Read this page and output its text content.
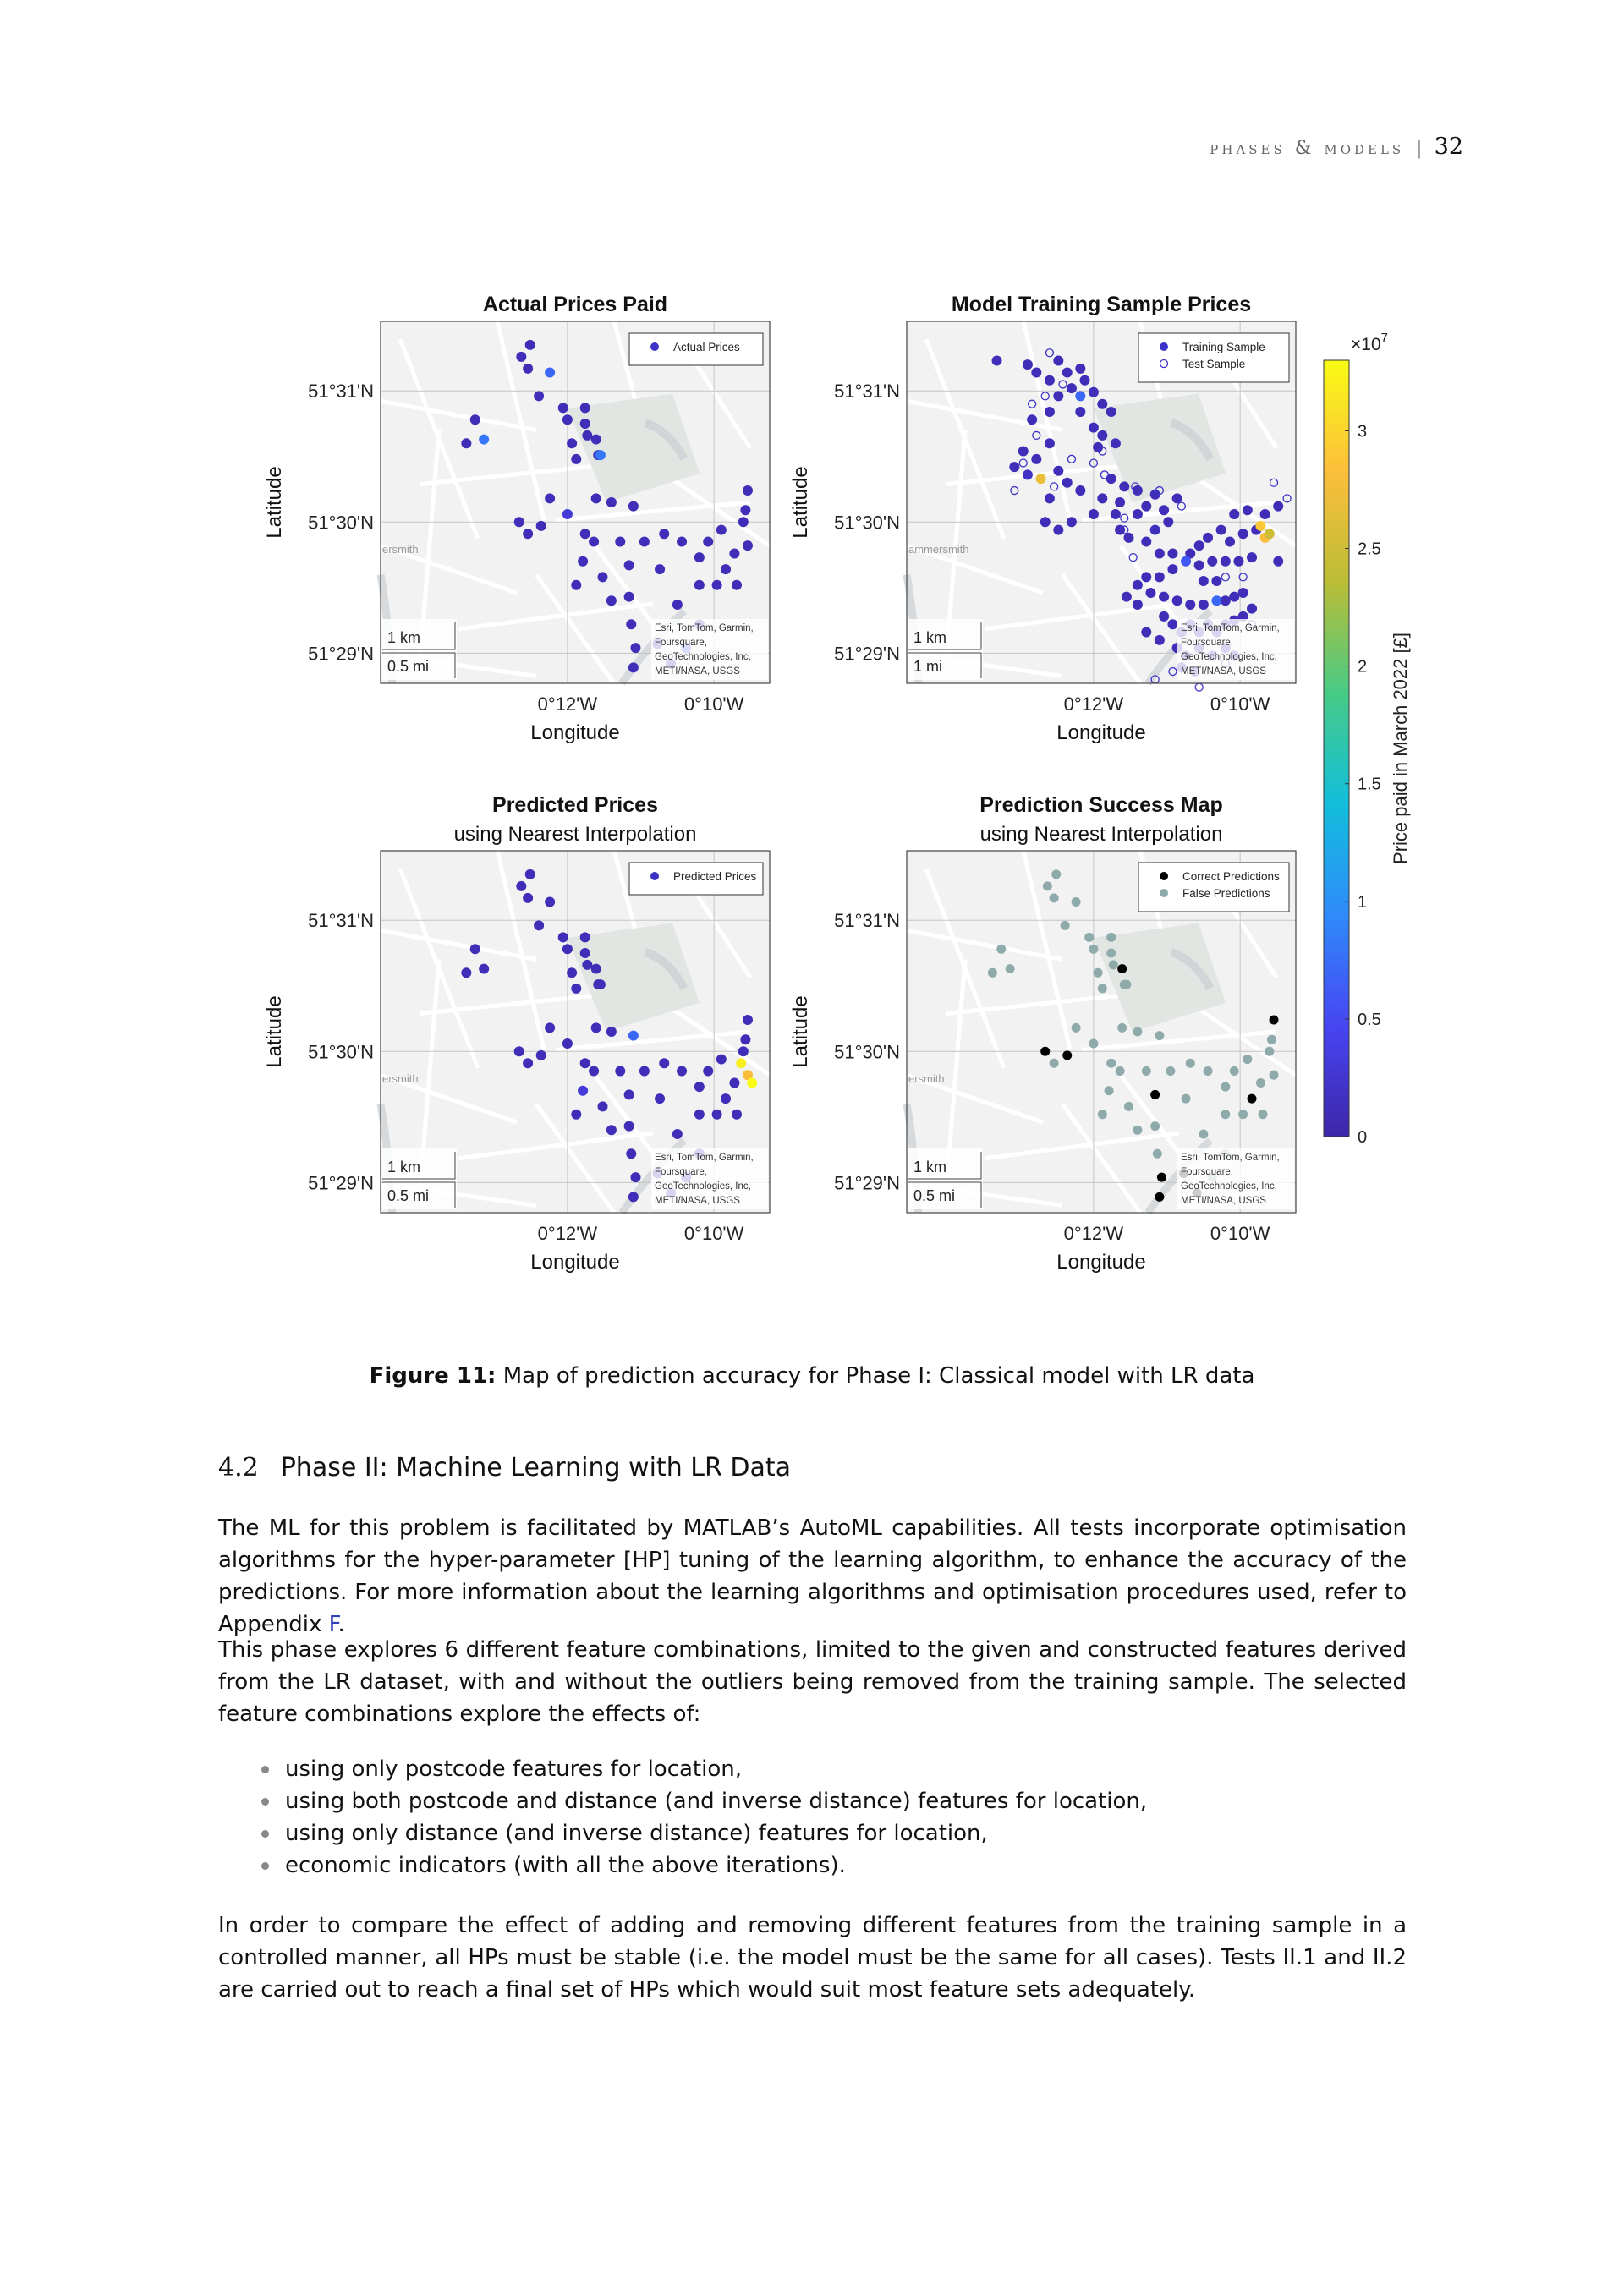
phases & models | 32
Actual Prices Paid
ersmith
51°31'N
51°30'N
51°29'N
0°12'W	0°10'W
Longitude
Latitude
Actual Prices
1 km
0.5 mi
Esri, TomTom, Garmin,
Foursquare,
GeoTechnologies, Inc,
METI/NASA, USGS
Model Training Sample Prices
ammersmith
51°31'N
51°30'N
51°29'N
0°12'W	0°10'W
Longitude
Latitude
Training Sample
Test Sample
1 km
1 mi
Esri, TomTom, Garmin,
Foursquare,
GeoTechnologies, Inc,
METI/NASA, USGS
Predicted Prices
using Nearest Interpolation
ersmith
51°31'N
51°30'N
51°29'N
0°12'W	0°10'W
Longitude
Latitude
Predicted Prices
1 km
0.5 mi
Esri, TomTom, Garmin,
Foursquare,
GeoTechnologies, Inc,
METI/NASA, USGS
Prediction Success Map
using Nearest Interpolation
ersmith
51°31'N
51°30'N
51°29'N
0°12'W	0°10'W
Longitude
Latitude
Correct Predictions
False Predictions
1 km
0.5 mi
Esri, TomTom, Garmin,
Foursquare,
GeoTechnologies, Inc,
METI/NASA, USGS
0
0.5
1
1.5
2
2.5
3
$\times 10^7$
Price paid in March 2022 [£]
Figure 11: Map of prediction accuracy for Phase I: Classical model with LR data
4.2 Phase II: Machine Learning with LR Data
The ML for this problem is facilitated by MATLAB’s AutoML capabilities. All tests incorporate optimisation algorithms for the hyper-parameter [HP] tuning of the learning algorithm, to enhance the accuracy of the predictions. For more information about the learning algorithms and optimisation procedures used, refer to Appendix F.
This phase explores 6 different feature combinations, limited to the given and constructed features derived from the LR dataset, with and without the outliers being removed from the training sample. The selected feature combinations explore the effects of:
using only postcode features for location,
using both postcode and distance (and inverse distance) features for location,
using only distance (and inverse distance) features for location,
economic indicators (with all the above iterations).
In order to compare the effect of adding and removing different features from the training sample in a controlled manner, all HPs must be stable (i.e. the model must be the same for all cases). Tests II.1 and II.2 are carried out to reach a final set of HPs which would suit most feature sets adequately.
